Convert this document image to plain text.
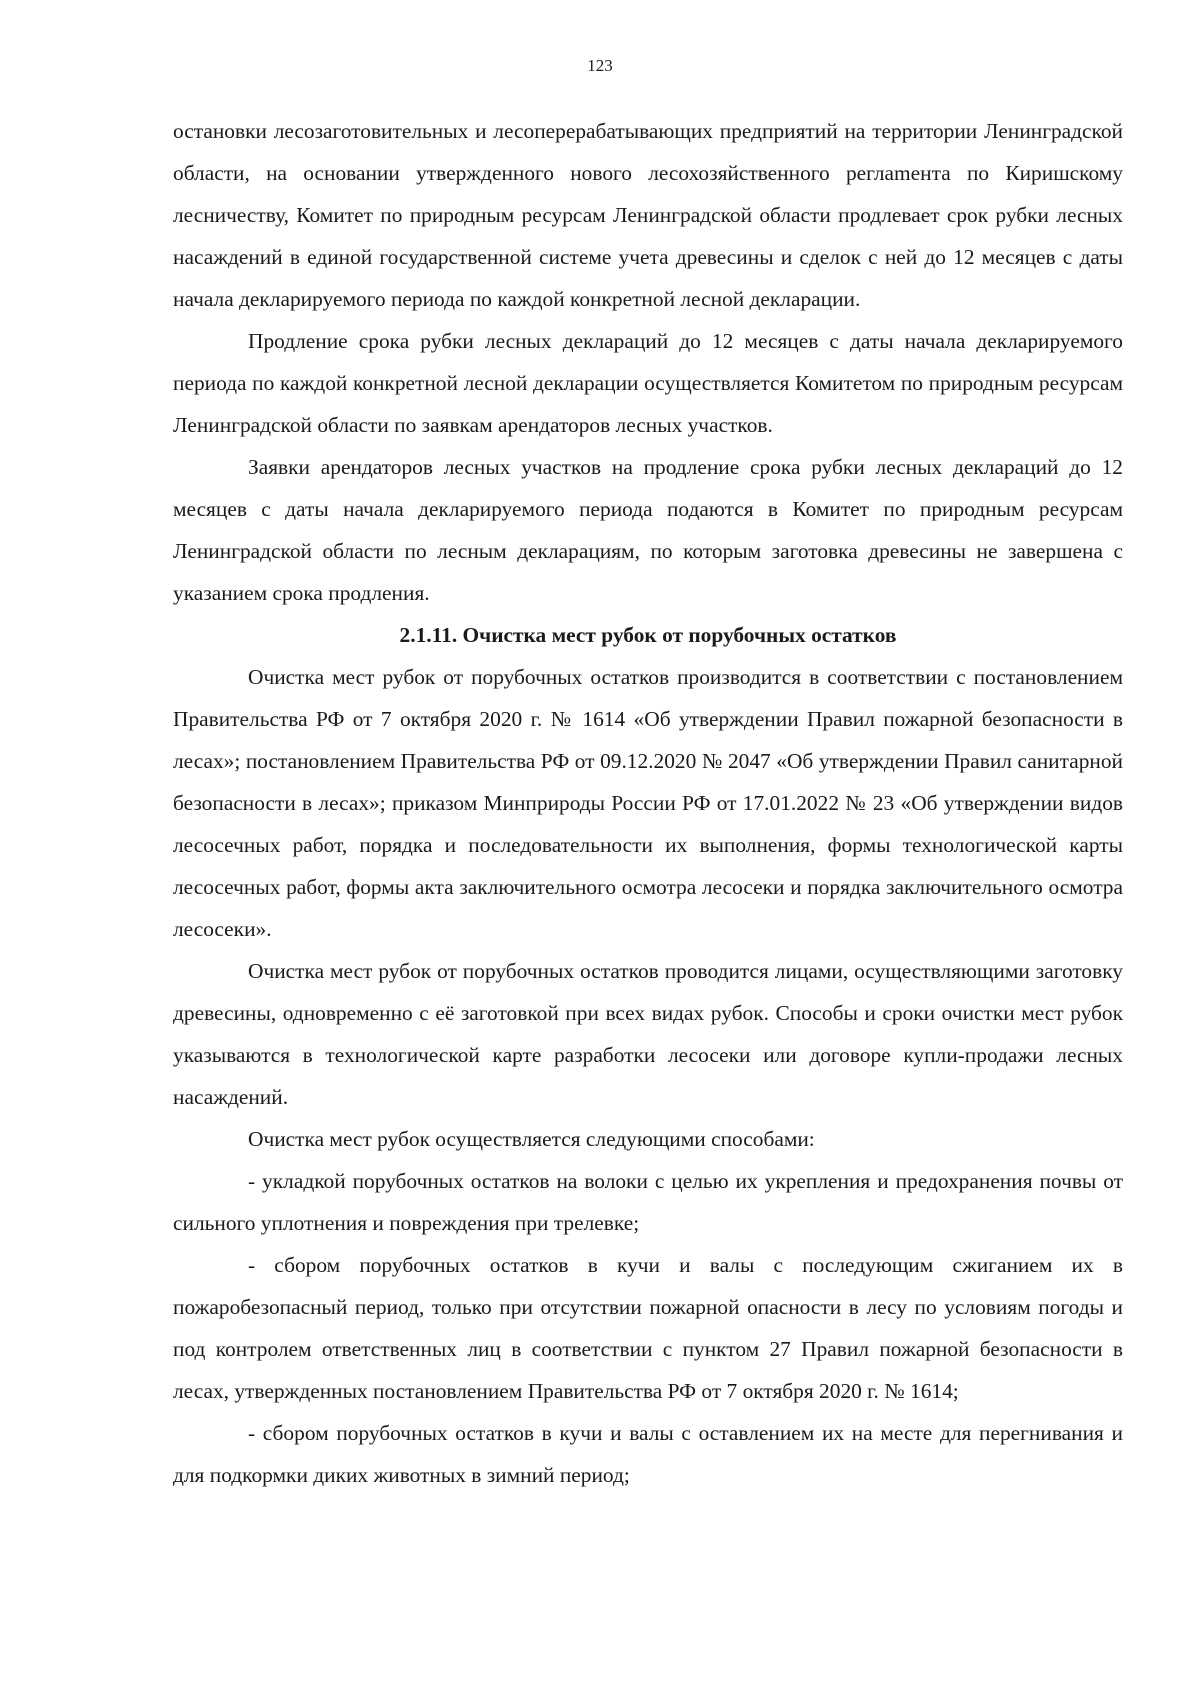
123

остановки лесозаготовительных и лесоперерабатывающих предприятий на территории Ленинградской области, на основании утвержденного нового лесохозяйственного реглаmента по Киришскому лесничеству, Комитет по природным ресурсам Ленинградской области продлевает срок рубки лесных насаждений в единой государственной системе учета древесины и сделок с ней до 12 месяцев с даты начала декларируемого периода по каждой конкретной лесной декларации.

Продление срока рубки лесных деклараций до 12 месяцев с даты начала декларируемого периода по каждой конкретной лесной декларации осуществляется Комитетом по природным ресурсам Ленинградской области по заявкам арендаторов лесных участков.

Заявки арендаторов лесных участков на продление срока рубки лесных деклараций до 12 месяцев с даты начала декларируемого периода подаются в Комитет по природным ресурсам Ленинградской области по лесным декларациям, по которым заготовка древесины не завершена с указанием срока продления.

2.1.11. Очистка мест рубок от порубочных остатков

Очистка мест рубок от порубочных остатков производится в соответствии с постановлением Правительства РФ от 7 октября 2020 г. № 1614 «Об утверждении Правил пожарной безопасности в лесах»; постановлением Правительства РФ от 09.12.2020 № 2047 «Об утверждении Правил санитарной безопасности в лесах»; приказом Минприроды России РФ от 17.01.2022 № 23 «Об утверждении видов лесосечных работ, порядка и последовательности их выполнения, формы технологической карты лесосечных работ, формы акта заключительного осмотра лесосеки и порядка заключительного осмотра лесосеки».

Очистка мест рубок от порубочных остатков проводится лицами, осуществляющими заготовку древесины, одновременно с её заготовкой при всех видах рубок. Способы и сроки очистки мест рубок указываются в технологической карте разработки лесосеки или договоре купли-продажи лесных насаждений.

Очистка мест рубок осуществляется следующими способами:

- укладкой порубочных остатков на волоки с целью их укрепления и предохранения почвы от сильного уплотнения и повреждения при трелевке;

- сбором порубочных остатков в кучи и валы с последующим сжиганием их в пожаробезопасный период, только при отсутствии пожарной опасности в лесу по условиям погоды и под контролем ответственных лиц в соответствии с пунктом 27 Правил пожарной безопасности в лесах, утвержденных постановлением Правительства РФ от 7 октября 2020 г. № 1614;

- сбором порубочных остатков в кучи и валы с оставлением их на месте для перегнивания и для подкормки диких животных в зимний период;
